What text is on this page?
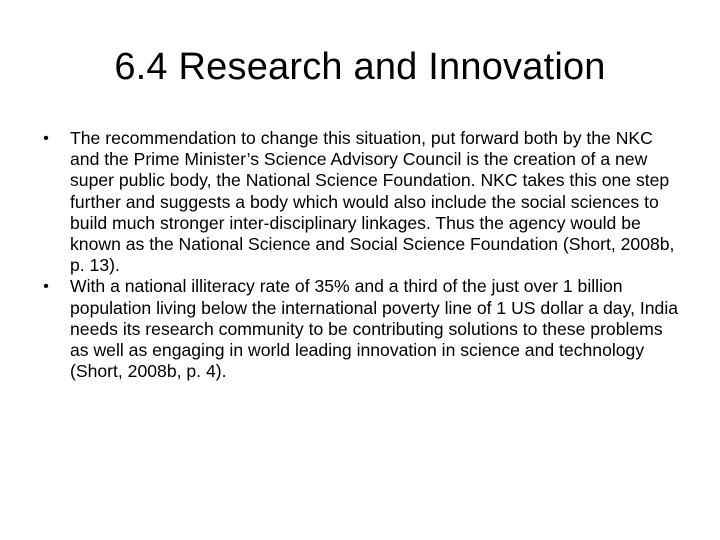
6.4 Research and Innovation
•	The recommendation to change this situation, put forward both by the NKC and the Prime Minister’s Science Advisory Council is the creation of a new super public body, the National Science Foundation. NKC takes this one step further and suggests a body which would also include the social sciences to build much stronger inter-disciplinary linkages. Thus the agency would be known as the National Science and Social Science Foundation (Short, 2008b, p. 13).
•	With a national illiteracy rate of 35% and a third of the just over 1 billion population living below the international poverty line of 1 US dollar a day, India needs its research community to be contributing solutions to these problems as well as engaging in world leading innovation in science and technology (Short, 2008b, p. 4).
